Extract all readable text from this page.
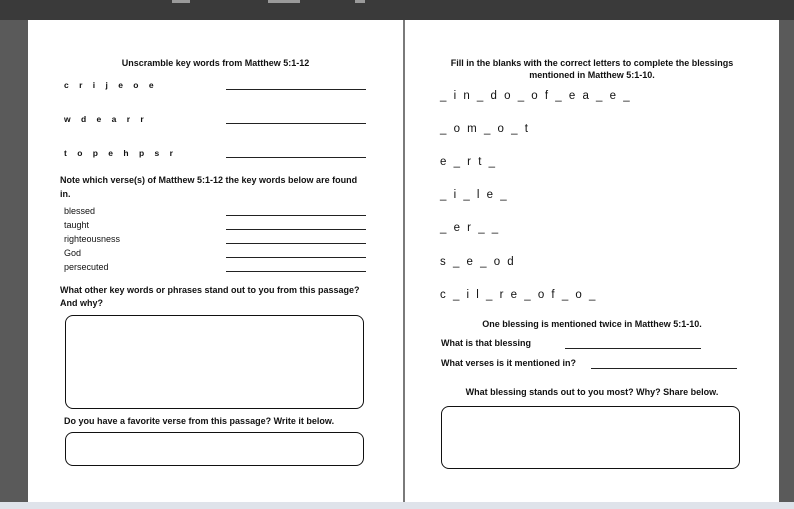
Unscramble key words from Matthew 5:1-12
c r i j e o e
w d e a r r
t o p e h p s r
Note which verse(s) of Matthew 5:1-12 the key words below are found
in.
blessed
taught
righteousness
God
persecuted
What other key words or phrases stand out to you from this passage?
And why?
Do you have a favorite verse from this passage? Write it below.
Fill in the blanks with the correct letters to complete the blessings
mentioned in Matthew 5:1-10.
_ i n _ d o _ o f _ e a _ e _
_ o m _ o _ t
e _ r t _
_ i _ l e _
_ e r _ _
s _ e _ o d
c _ i l _ r e _ o f _ o _
One blessing is mentioned twice in Matthew 5:1-10.
What is that blessing
What verses is it mentioned in?
What blessing stands out to you most? Why? Share below.
